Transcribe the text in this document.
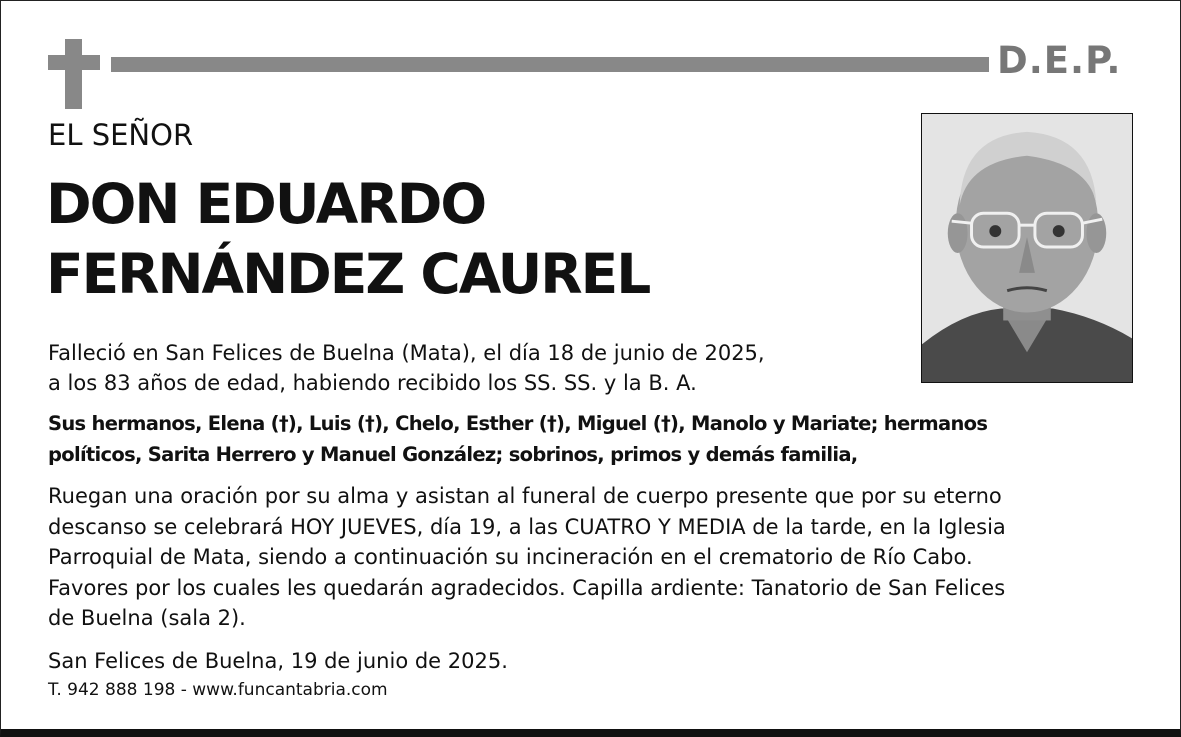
D.E.P.
EL SEÑOR
DON EDUARDO
FERNÁNDEZ CAUREL
Falleció en San Felices de Buelna (Mata), el día 18 de junio de 2025,
a los 83 años de edad, habiendo recibido los SS. SS. y la B. A.
Sus hermanos, Elena (†), Luis (†), Chelo, Esther (†), Miguel (†), Manolo y Mariate; hermanos
políticos, Sarita Herrero y Manuel González; sobrinos, primos y demás familia,
Ruegan una oración por su alma y asistan al funeral de cuerpo presente que por su eterno
descanso se celebrará HOY JUEVES, día 19, a las CUATRO Y MEDIA de la tarde, en la Iglesia
Parroquial de Mata, siendo a continuación su incineración en el crematorio de Río Cabo.
Favores por los cuales les quedarán agradecidos. Capilla ardiente: Tanatorio de San Felices
de Buelna (sala 2).
San Felices de Buelna, 19 de junio de 2025.
T. 942 888 198 - www.funcantabria.com
